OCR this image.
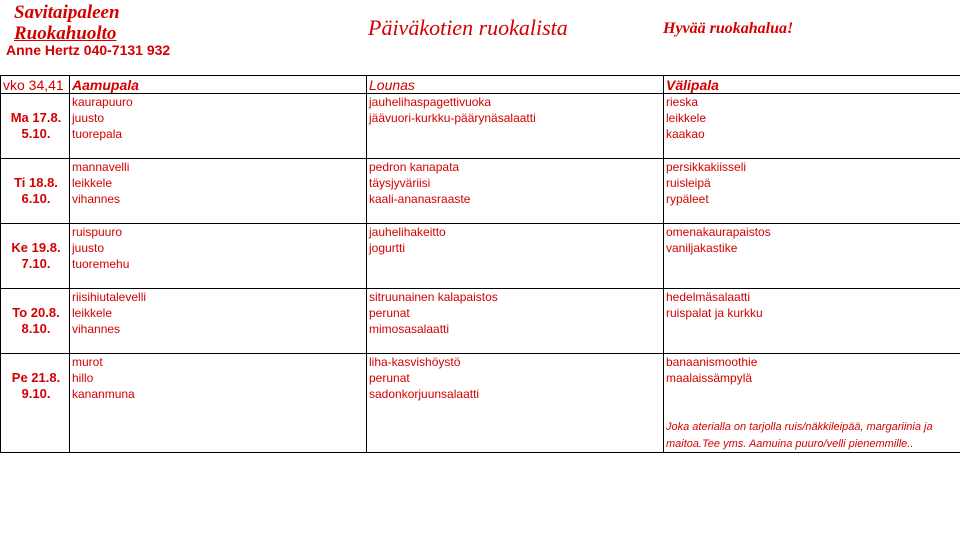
Savitaipaleen
Ruokahuolto
Anne Hertz 040-7131 932
Päiväkotien ruokalista	Hyvää ruokahalua!
vko 34,41	Aamupala	Lounas	Välipala
	kaurapuuro	jauhelihaspagettivuoka	rieska
Ma 17.8.	juusto	jäävuori-kurkku-päärynäsalaatti	leikkele
5.10.	tuorepala		kaakao

	mannavelli	pedron kanapata	persikkakiisseli
Ti 18.8.	leikkele	täysjyväriisi	ruisleipä
6.10.	vihannes	kaali-ananasraaste	rypäleet

	ruispuuro	jauhelihakeitto	omenakaurapaistos
Ke 19.8.	juusto	jogurtti	vaniljakastike
7.10.	tuoremehu		

	riisihiutalevelli	sitruunainen kalapaistos	hedelmäsalaatti
To 20.8.	leikkele	perunat	ruispalat ja kurkku
8.10.	vihannes	mimosasalaatti	

	murot	liha-kasvishöystö	banaanismoothie
Pe 21.8.	hillo	perunat	maalaissämpylä
9.10.	kananmuna	sadonkorjuunsalaatti	

			Joka aterialla on tarjolla ruis/näkkileipää, margariinia ja
			maitoa.Tee yms. Aamuina puuro/velli pienemmille..
